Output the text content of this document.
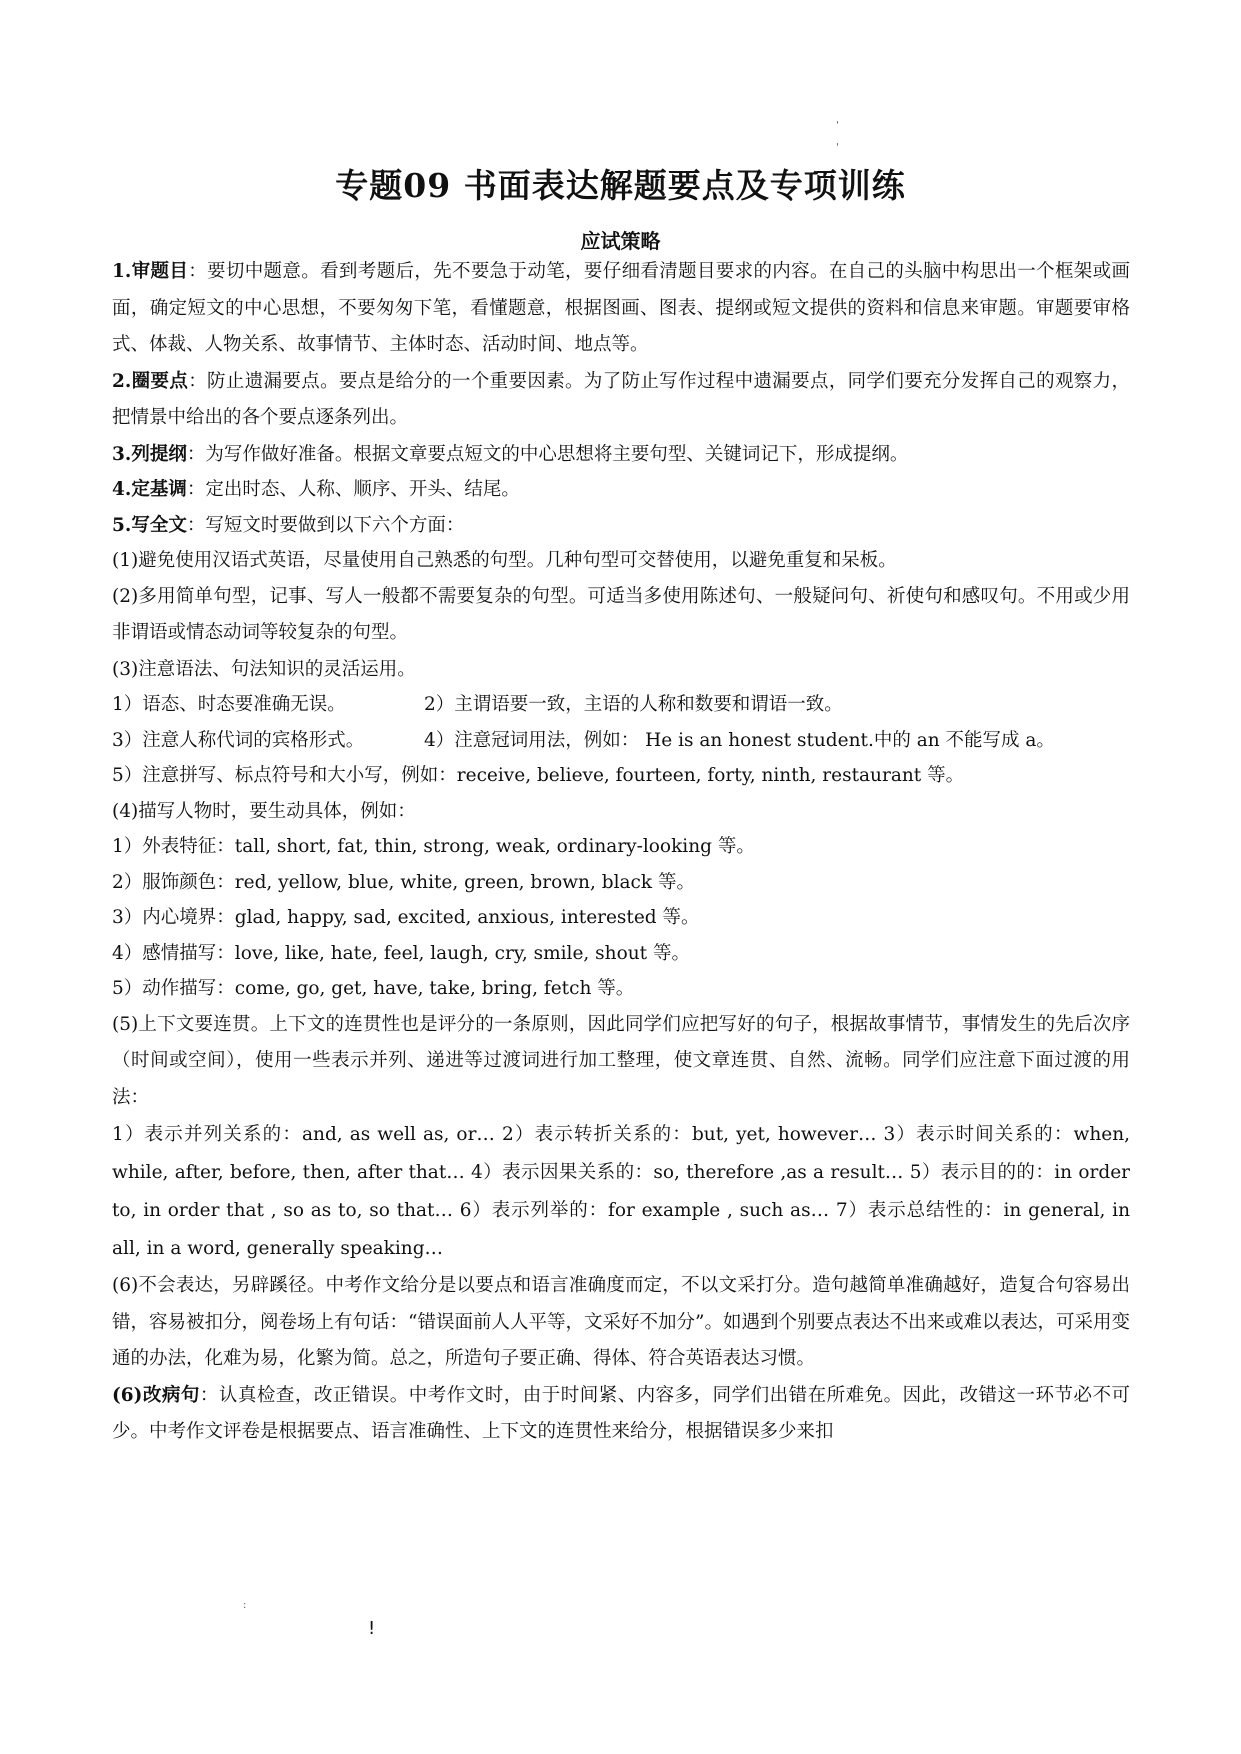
'
'
专题09 书面表达解题要点及专项训练
应试策略

1.审题目：要切中题意。看到考题后，先不要急于动笔，要仔细看清题目要求的内容。在自己的头脑中构思出一个框架或画面，确定短文的中心思想，不要匆匆下笔，看懂题意，根据图画、图表、提纲或短文提供的资料和信息来审题。审题要审格式、体裁、人物关系、故事情节、主体时态、活动时间、地点等。

2.圈要点：防止遗漏要点。要点是给分的一个重要因素。为了防止写作过程中遗漏要点，同学们要充分发挥自己的观察力，把情景中给出的各个要点逐条列出。

3.列提纲：为写作做好准备。根据文章要点短文的中心思想将主要句型、关键词记下，形成提纲。

4.定基调：定出时态、人称、顺序、开头、结尾。

5.写全文：写短文时要做到以下六个方面：

(1)避免使用汉语式英语，尽量使用自己熟悉的句型。几种句型可交替使用，以避免重复和呆板。

(2)多用简单句型，记事、写人一般都不需要复杂的句型。可适当多使用陈述句、一般疑问句、祈使句和感叹句。不用或少用非谓语或情态动词等较复杂的句型。

(3)注意语法、句法知识的灵活运用。

1）语态、时态要准确无误。	2）主谓语要一致，主语的人称和数要和谓语一致。

3）注意人称代词的宾格形式。	4）注意冠词用法，例如： He is an honest student.中的 an 不能写成 a。

5）注意拼写、标点符号和大小写，例如：receive, believe, fourteen, forty, ninth, restaurant 等。

(4)描写人物时，要生动具体，例如：

1）外表特征：tall, short, fat, thin, strong, weak, ordinary-looking 等。

2）服饰颜色：red, yellow, blue, white, green, brown, black 等。

3）内心境界：glad, happy, sad, excited, anxious, interested 等。

4）感情描写：love, like, hate, feel, laugh, cry, smile, shout 等。

5）动作描写：come, go, get, have, take, bring, fetch 等。

(5)上下文要连贯。上下文的连贯性也是评分的一条原则，因此同学们应把写好的句子，根据故事情节，事情发生的先后次序（时间或空间），使用一些表示并列、递进等过渡词进行加工整理，使文章连贯、自然、流畅。同学们应注意下面过渡的用法：

1）表示并列关系的：and, as well as, or… 2）表示转折关系的：but, yet, however… 3）表示时间关系的：when, while, after, before, then, after that… 4）表示因果关系的：so, therefore ,as a result… 5）表示目的的：in order to, in order that , so as to, so that… 6）表示列举的：for example , such as… 7）表示总结性的：in general, in all, in a word, generally speaking…

(6)不会表达，另辟蹊径。中考作文给分是以要点和语言准确度而定，不以文采打分。造句越简单准确越好，造复合句容易出错，容易被扣分，阅卷场上有句话：“错误面前人人平等，文采好不加分”。如遇到个别要点表达不出来或难以表达，可采用变通的办法，化难为易，化繁为简。总之，所造句子要正确、得体、符合英语表达习惯。

(6)改病句：认真检查，改正错误。中考作文时，由于时间紧、内容多，同学们出错在所难免。因此，改错这一环节必不可少。中考作文评卷是根据要点、语言准确性、上下文的连贯性来给分，根据错误多少来扣

:
!
